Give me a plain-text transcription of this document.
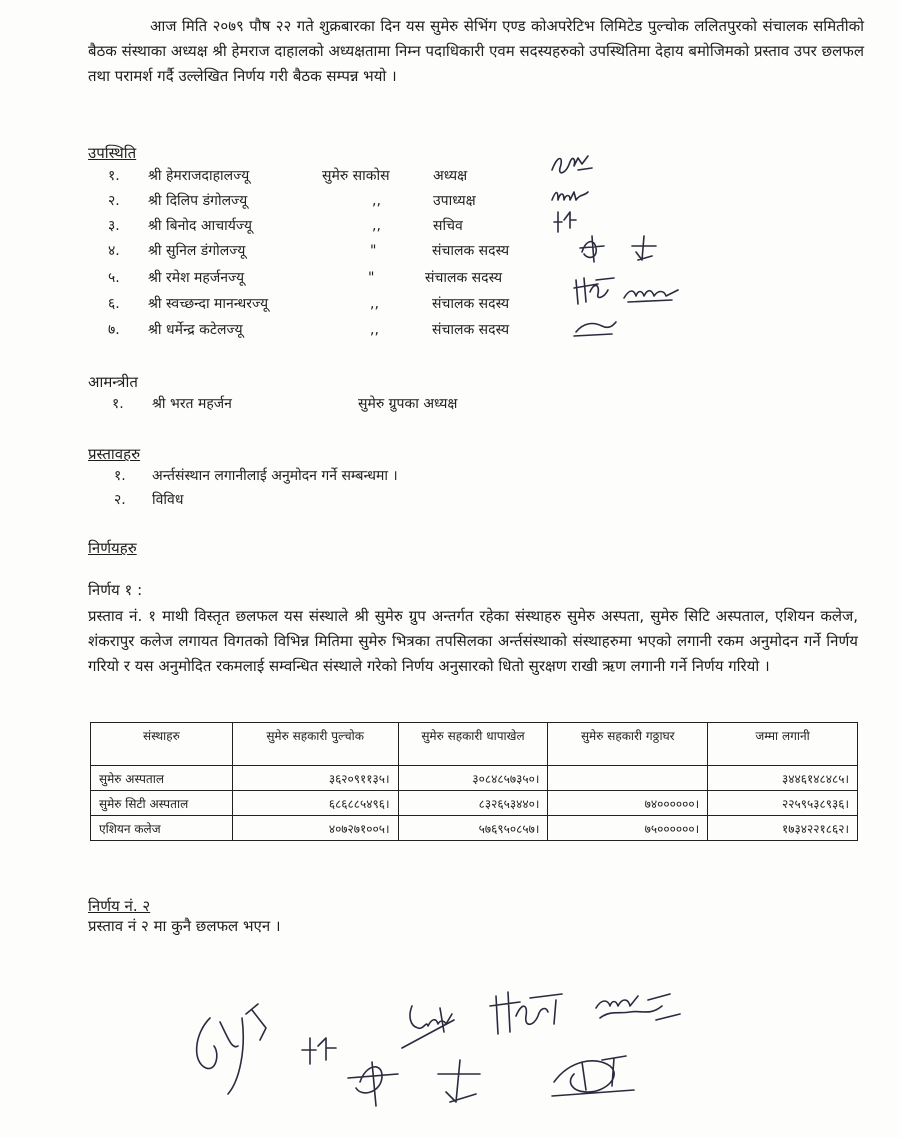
आज मिति २०७९ पौष २२ गते शुक्रबारका दिन यस सुमेरु सेभिंग एण्ड कोअपरेटिभ लिमिटेड पुल्चोक ललितपुरको संचालक समितीको बैठक संस्थाका अध्यक्ष श्री हेमराज दाहालको अध्यक्षतामा निम्न पदाधिकारी एवम सदस्यहरुको उपस्थितिमा देहाय बमोजिमको प्रस्ताव उपर छलफल तथा परामर्श गर्दै उल्लेखित निर्णय गरी बैठक सम्पन्न भयो ।

उपस्थिति
१. श्री हेमराजदाहालज्यू	सुमेरु साकोस	अध्यक्ष
२. श्री दिलिप डंगोलज्यू	,,	उपाध्यक्ष
३. श्री बिनोद आचार्यज्यू	,,	सचिव
४. श्री सुनिल डंगोलज्यू	"	संचालक सदस्य
५. श्री रमेश महर्जनज्यू	"	संचालक सदस्य
६. श्री स्वच्छन्दा मानन्धरज्यू	,,	संचालक सदस्य
७. श्री धर्मेन्द्र कटेलज्यू	,,	संचालक सदस्य
आमन्त्रीत
१. श्री भरत महर्जन	सुमेरु ग्रुपका अध्यक्ष
प्रस्तावहरु
१. अर्न्तसंस्थान लगानीलाई अनुमोदन गर्ने सम्बन्धमा ।
२. विविध
निर्णयहरु
निर्णय १ :

प्रस्ताव नं. १ माथी विस्तृत छलफल यस संस्थाले श्री सुमेरु ग्रुप अन्तर्गत रहेका संस्थाहरु सुमेरु अस्पता, सुमेरु सिटि अस्पताल, एशियन कलेज, शंकरापुर कलेज लगायत विगतको विभिन्न मितिमा सुमेरु भित्रका तपसिलका अर्न्तसंस्थाको संस्थाहरुमा भएको लगानी रकम अनुमोदन गर्ने निर्णय गरियो र यस अनुमोदित रकमलाई सम्वन्धित संस्थाले गरेको निर्णय अनुसारको धितो सुरक्षण राखी ऋण लगानी गर्ने निर्णय गरियो ।

संस्थाहरु	सुमेरु सहकारी पुल्चोक	सुमेरु सहकारी धापाखेल	सुमेरु सहकारी गठ्ठाघर	जम्मा लगानी
सुमेरु अस्पताल	३६२०९११३५।	३०८४८५७३५०।		३४४६१४८४८५।
सुमेरु सिटी अस्पताल	६८६८८५४९६।	८३२६५३४४०।	७४००००००।	२२५९५३८९३६।
एशियन कलेज	४०७२७१००५।	५७६९५०८५७।	७५००००००।	१७३४२२१८६२।
निर्णय नं. २
प्रस्ताव नं २ मा कुनै छलफल भएन ।
